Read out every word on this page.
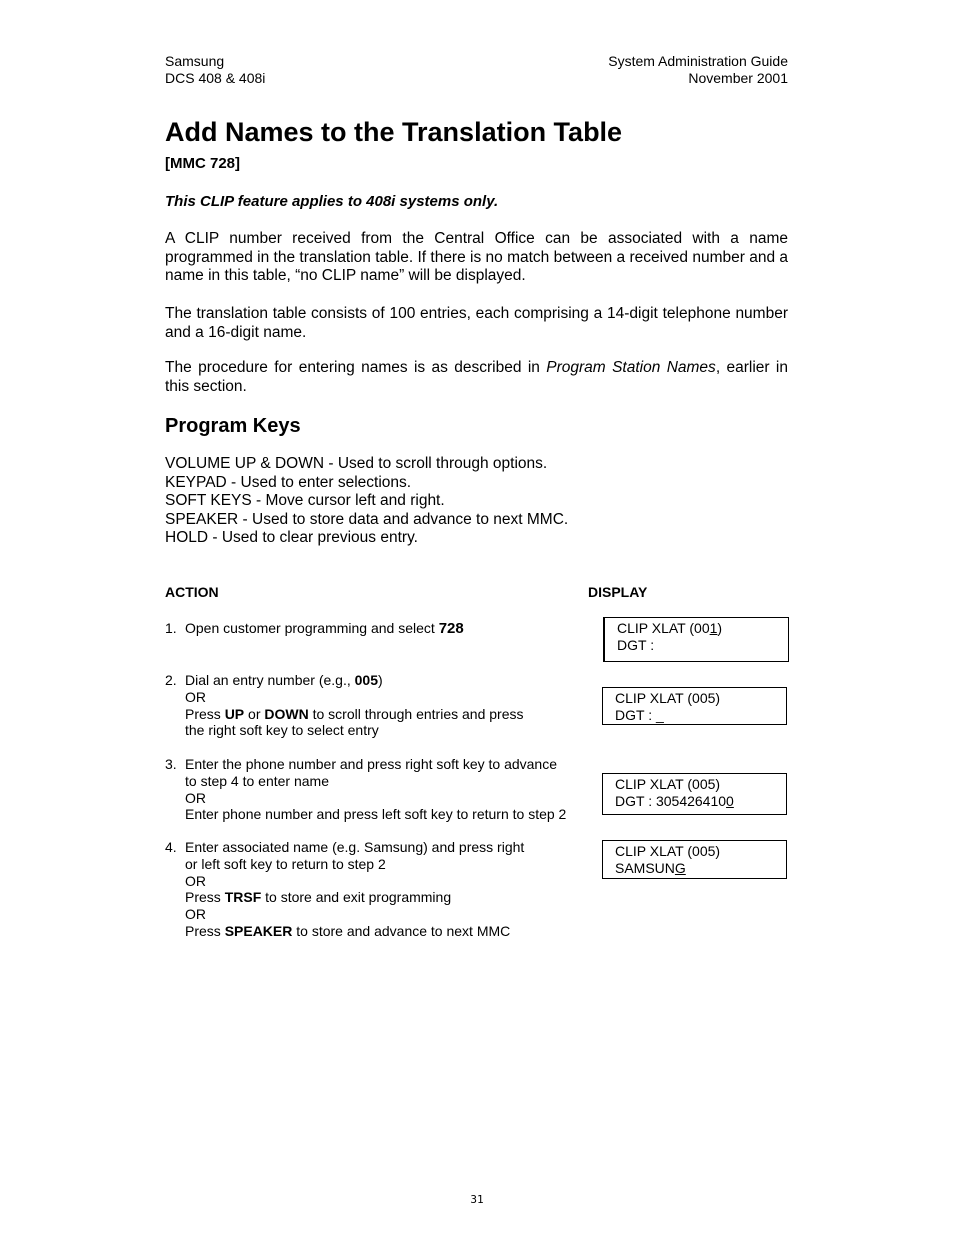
Samsung
DCS 408 & 408i
System Administration Guide
November 2001
Add Names to the Translation Table
[MMC 728]
This CLIP feature applies to 408i systems only.
A CLIP number received from the Central Office can be associated with a name programmed in the translation table. If there is no match between a received number and a name in this table, “no CLIP name” will be displayed.
The translation table consists of 100 entries, each comprising a 14-digit telephone number and a 16-digit name.
The procedure for entering names is as described in Program Station Names, earlier in this section.
Program Keys
VOLUME UP & DOWN - Used to scroll through options.
KEYPAD - Used to enter selections.
SOFT KEYS - Move cursor left and right.
SPEAKER - Used to store data and advance to next MMC.
HOLD - Used to clear previous entry.
ACTION	DISPLAY
1. Open customer programming and select 728
2. Dial an entry number (e.g., 005)
OR
Press UP or DOWN to scroll through entries and press
the right soft key to select entry
3. Enter the phone number and press right soft key to advance
to step 4 to enter name
OR
Enter phone number and press left soft key to return to step 2
4. Enter associated name (e.g. Samsung) and press right
or left soft key to return to step 2
OR
Press TRSF to store and exit programming
OR
Press SPEAKER to store and advance to next MMC
CLIP XLAT (001)
DGT :
CLIP XLAT (005)
DGT : _
CLIP XLAT (005)
DGT : 3054264100
CLIP XLAT (005)
SAMSUNG
31
